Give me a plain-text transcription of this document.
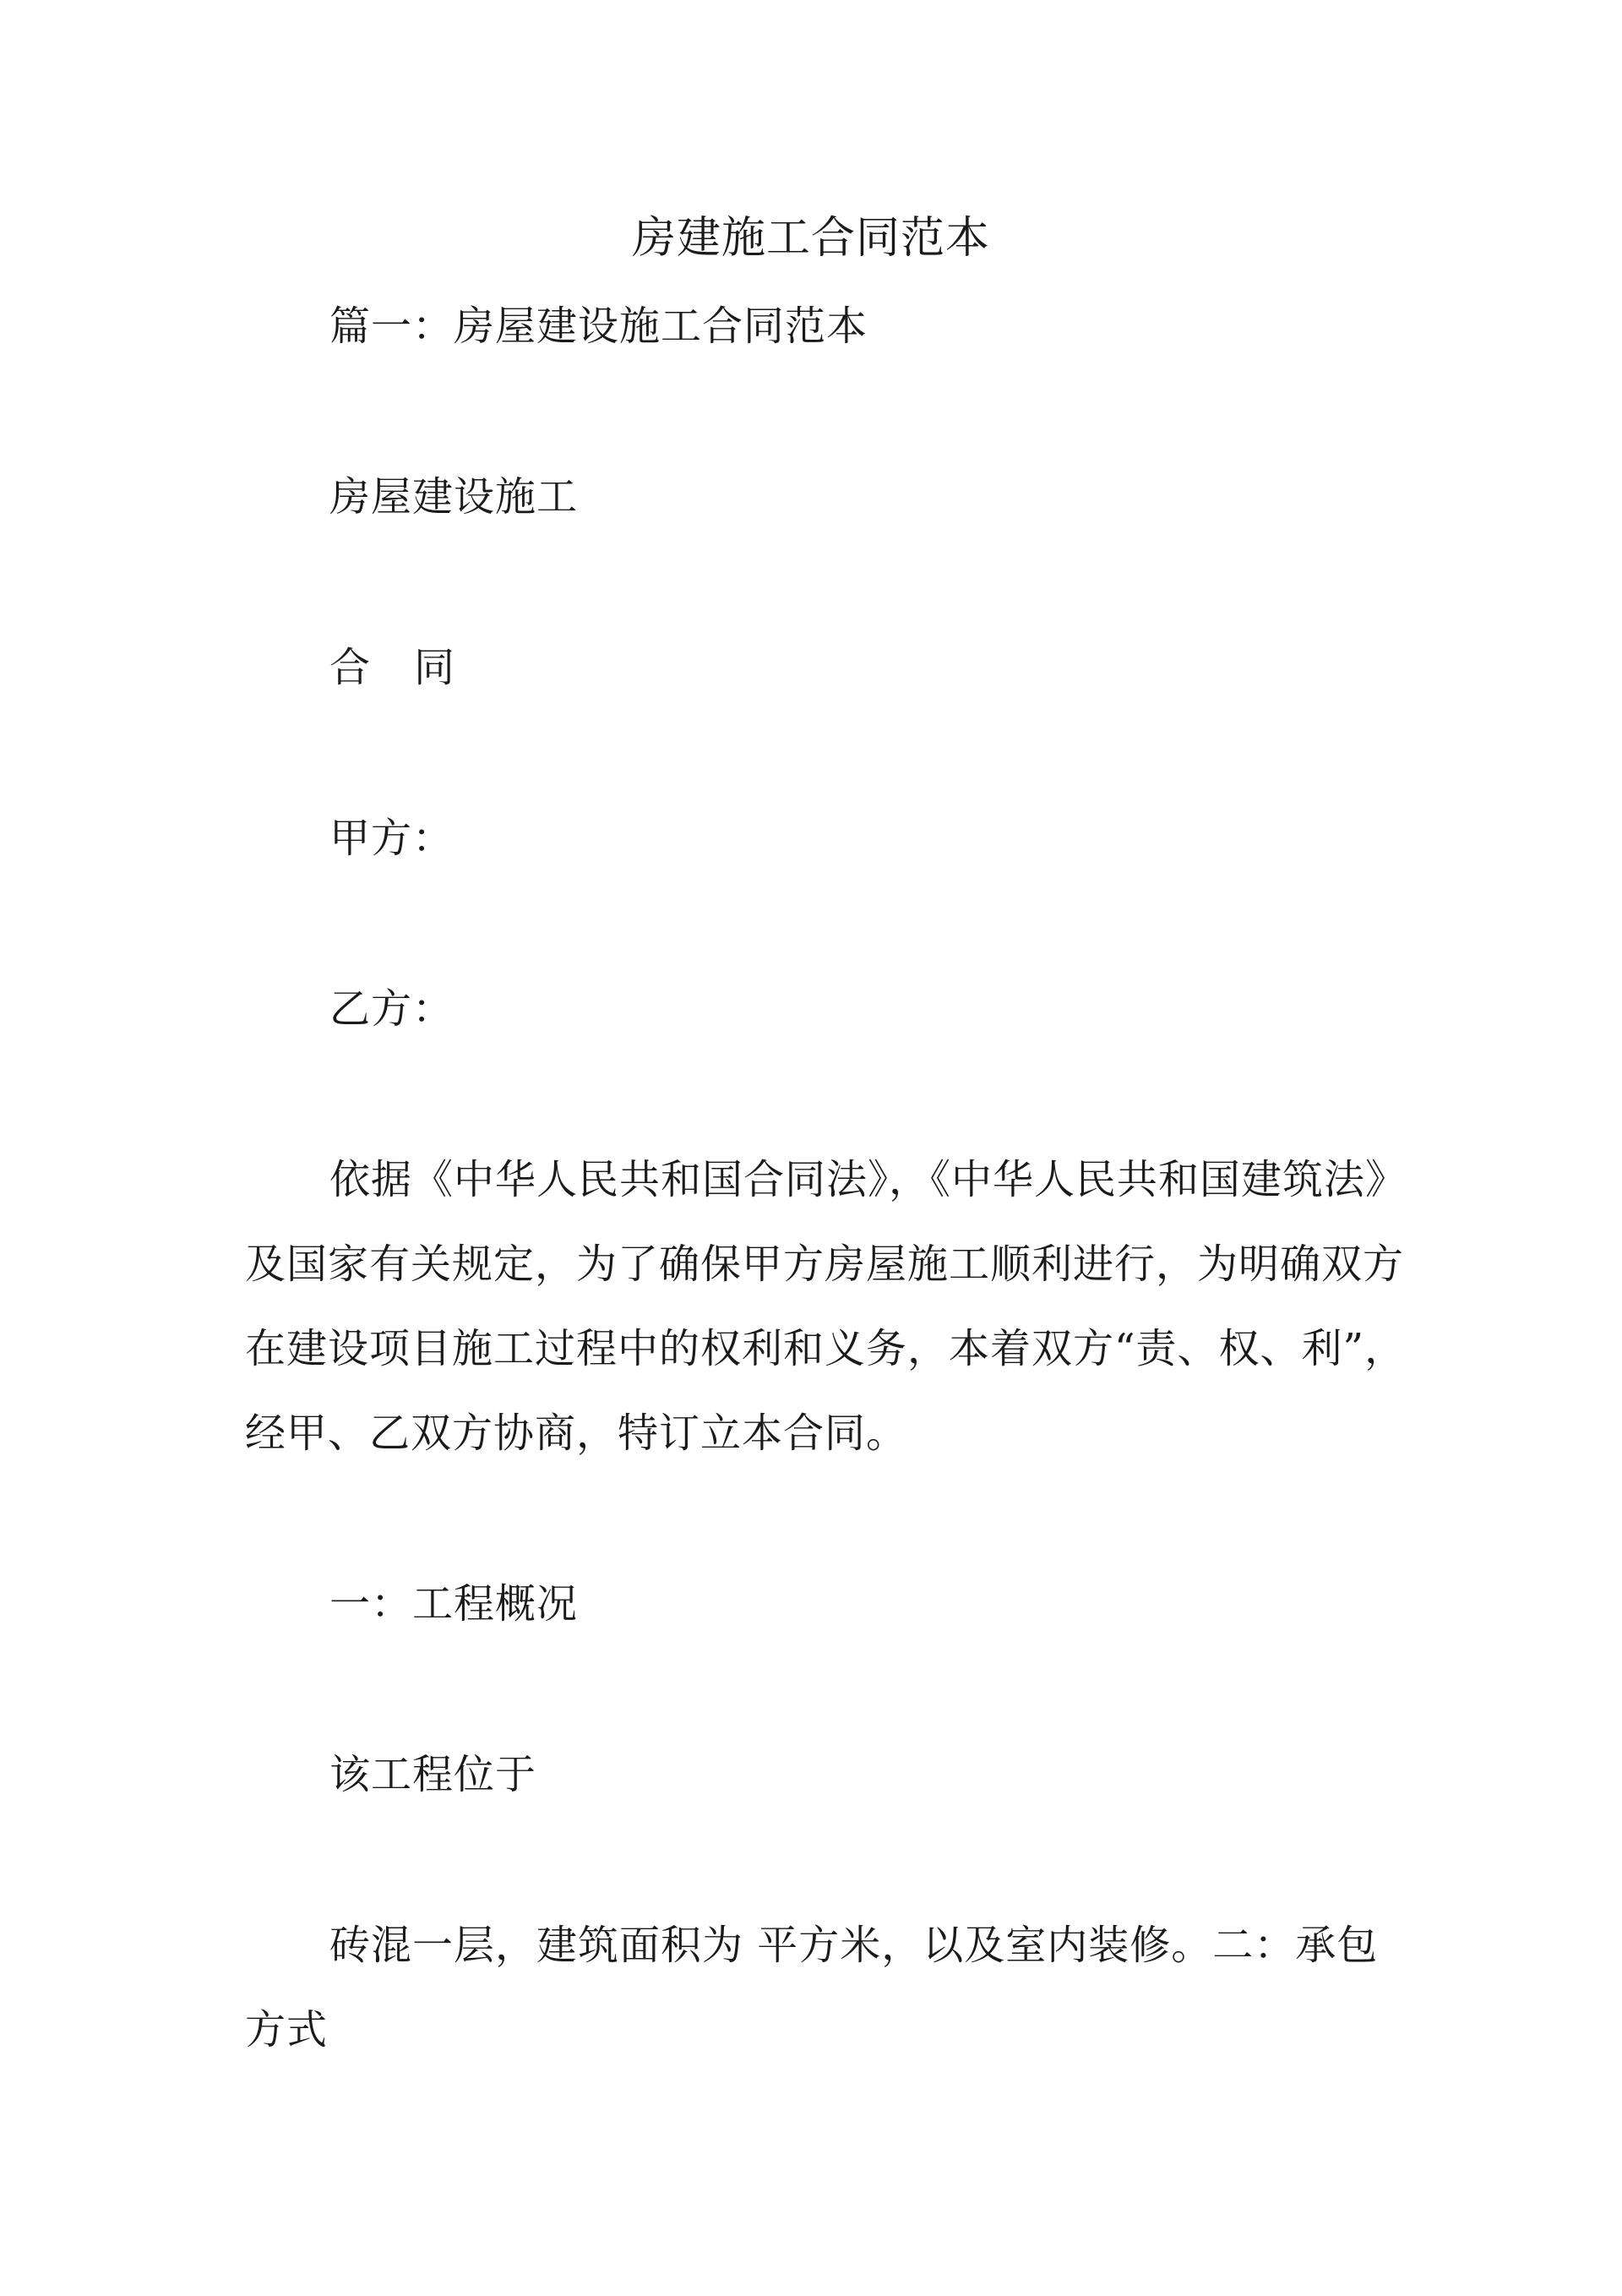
房建施工合同范本

篇一：房屋建设施工合同范本

房屋建设施工

合　同

甲方：

乙方：

依据《中华人民共和国合同法》，《中华人民共和国建筑法》

及国家有关规定，为了确保甲方房屋施工顺利进行，为明确双方

在建设项目施工过程中的权利和义务，本着双方“责、权、利”，

经甲、乙双方协商，特订立本合同。

一：工程概况

该工程位于

砖混一层，建筑面积为 平方米，以及室内装修。二：承包

方式
